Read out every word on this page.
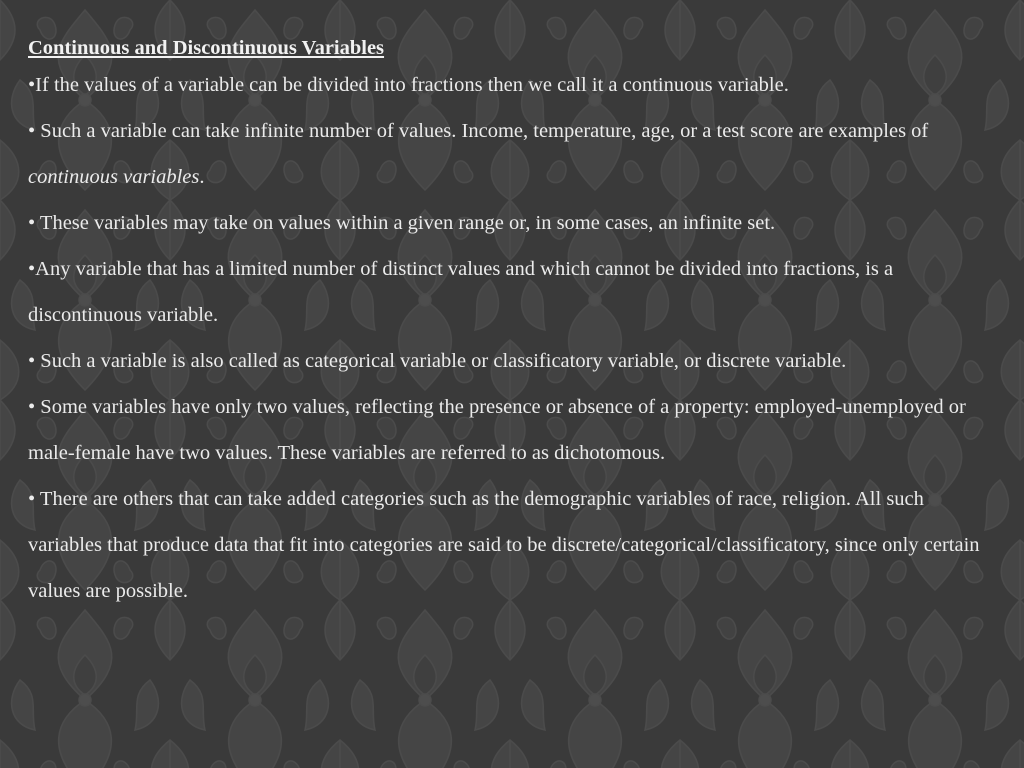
Continuous and Discontinuous Variables
•If the values of a variable can be divided into fractions then we call it a continuous variable.
• Such a variable can take infinite number of values. Income, temperature, age, or a test score are examples of continuous variables.
• These variables may take on values within a given range or, in some cases, an infinite set.
•Any variable that has a limited number of distinct values and which cannot be divided into fractions, is a discontinuous variable.
• Such a variable is also called as categorical variable or classificatory variable, or discrete variable.
• Some variables have only two values, reflecting the presence or absence of a property: employed-unemployed or male-female have two values. These variables are referred to as dichotomous.
• There are others that can take added categories such as the demographic variables of race, religion. All such variables that produce data that fit into categories are said to be discrete/categorical/classificatory, since only certain values are possible.
